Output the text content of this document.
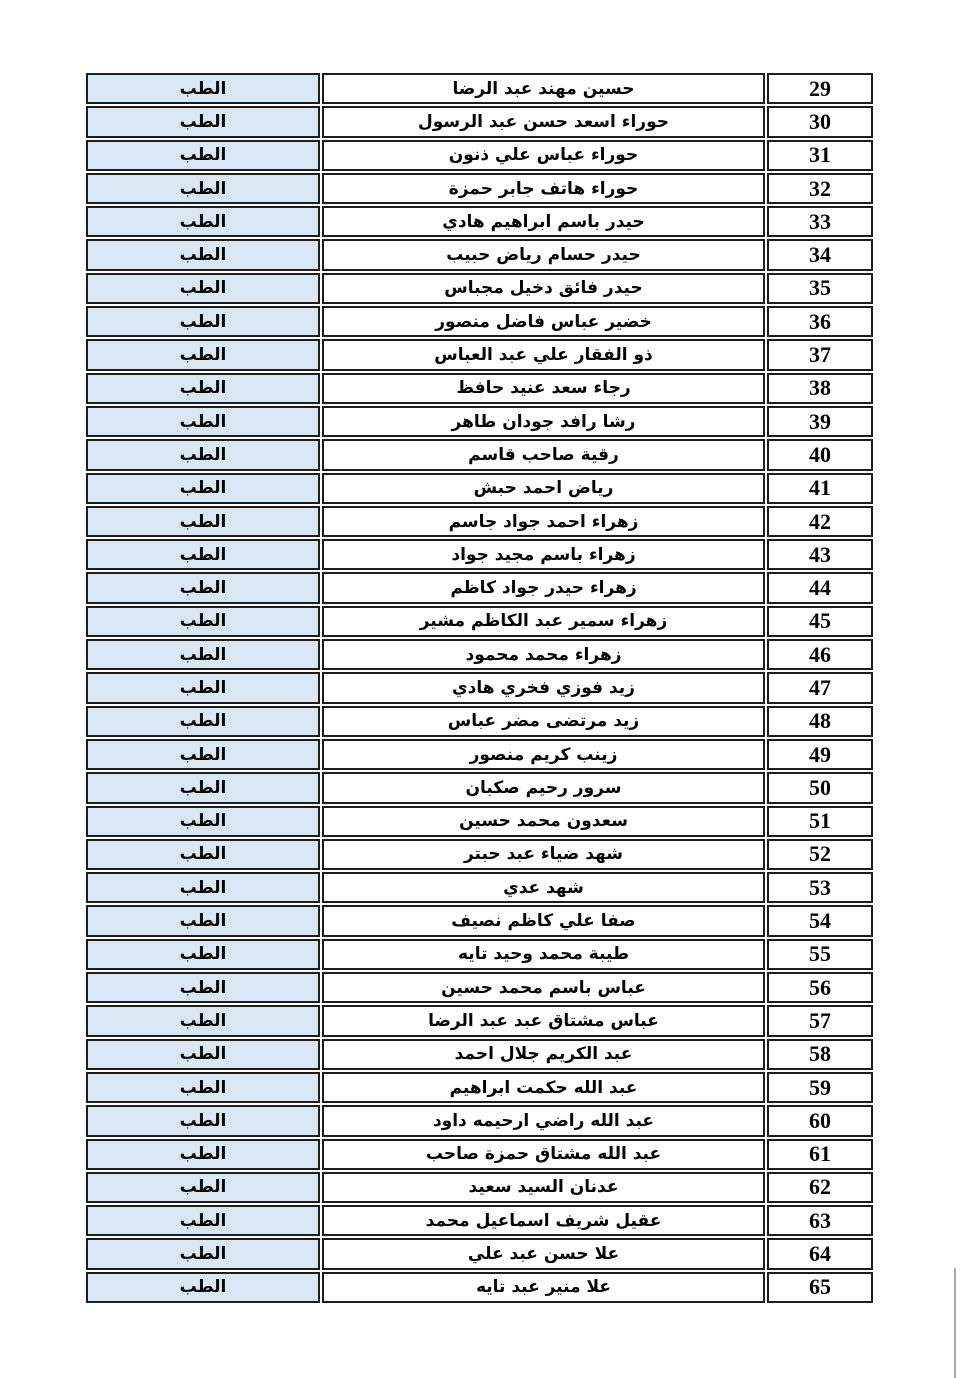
29	حسين مهند عبد الرضا	الطب
30	حوراء اسعد حسن عبد الرسول	الطب
31	حوراء عباس علي ذنون	الطب
32	حوراء هاتف جابر حمزة	الطب
33	حيدر باسم ابراهيم هادي	الطب
34	حيدر حسام رياض حبيب	الطب
35	حيدر فائق دخيل مجباس	الطب
36	خضير عباس فاضل منصور	الطب
37	ذو الفقار علي عبد العباس	الطب
38	رجاء سعد عنيد حافظ	الطب
39	رشا رافد جودان طاهر	الطب
40	رقية صاحب قاسم	الطب
41	رياض احمد حبش	الطب
42	زهراء احمد جواد جاسم	الطب
43	زهراء باسم مجيد جواد	الطب
44	زهراء حيدر جواد كاظم	الطب
45	زهراء سمير عبد الكاظم مشير	الطب
46	زهراء محمد محمود	الطب
47	زيد فوزي فخري هادي	الطب
48	زيد مرتضى مضر عباس	الطب
49	زينب كريم منصور	الطب
50	سرور رحيم صكبان	الطب
51	سعدون محمد حسين	الطب
52	شهد ضياء عبد حبتر	الطب
53	شهد عدي	الطب
54	صفا علي كاظم نصيف	الطب
55	طيبة محمد وحيد تايه	الطب
56	عباس باسم محمد حسين	الطب
57	عباس مشتاق عبد عبد الرضا	الطب
58	عبد الكريم جلال احمد	الطب
59	عبد الله حكمت ابراهيم	الطب
60	عبد الله راضي ارحيمه داود	الطب
61	عبد الله مشتاق حمزة صاحب	الطب
62	عدنان السيد سعيد	الطب
63	عقيل شريف اسماعيل محمد	الطب
64	علا حسن عبد علي	الطب
65	علا منير عبد تايه	الطب
